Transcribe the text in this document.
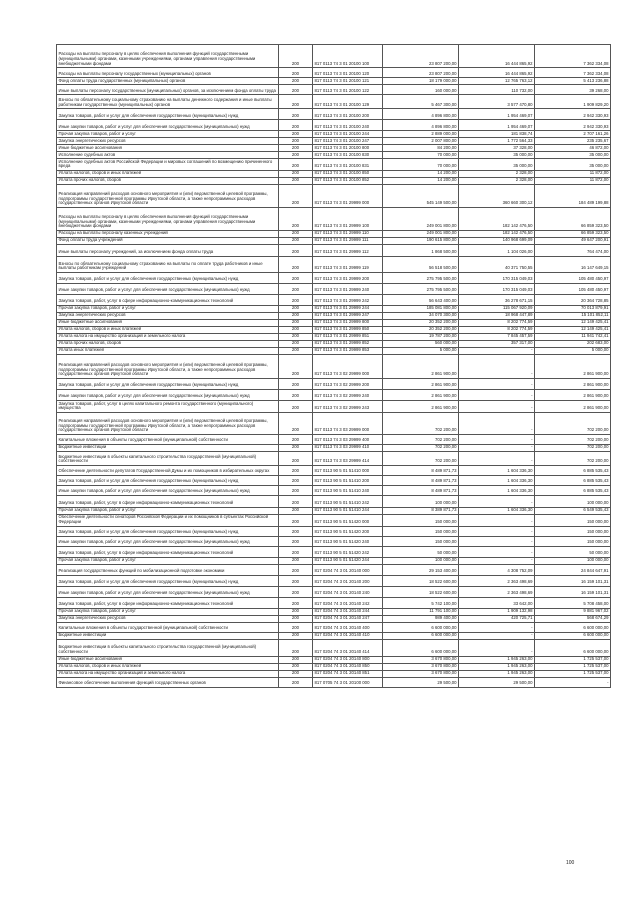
Расходы на выплаты персоналу в целях обеспечения выполнения функций государственными (муниципальными) органами, казенными учреждениями, органами управления государственными внебюджетными фондами	200	817 0113 74 3 01 20100 100	23 807 200,00	16 444 865,92	7 362 334,08
Расходы на выплаты персоналу государственных (муниципальных) органов	200	817 0113 74 3 01 20100 120	23 807 200,00	16 444 865,92	7 362 334,08
Фонд оплаты труда государственных (муниципальных) органов	200	817 0113 74 3 01 20100 121	18 179 000,00	12 765 763,12	5 413 236,88
Иные выплаты персоналу государственных (муниципальных) органов, за исключением фонда оплаты труда	200	817 0113 74 3 01 20100 122	160 000,00	110 732,00	39 268,00
Взносы по обязательному социальному страхованию на выплаты денежного содержания и иные выплаты работникам государственных (муниципальных) органов	200	817 0113 74 3 01 20100 129	5 467 300,00	3 577 470,80	1 909 829,20
Закупка товаров, работ и услуг для обеспечения государственных (муниципальных) нужд	200	817 0113 74 3 01 20100 200	4 896 800,00	1 954 469,07	2 942 330,93
Иные закупки товаров, работ и услуг для обеспечения государственных (муниципальных) нужд	200	817 0113 74 3 01 20100 240	4 896 800,00	1 954 469,07	2 942 330,93
Прочая закупка товаров, работ и услуг	200	817 0113 74 3 01 20100 244	2 889 000,00	181 838,74	2 707 161,26
Закупка энергетических ресурсов	200	817 0113 74 3 01 20100 247	2 007 800,00	1 772 564,33	235 235,67
Иные бюджетные ассигнования	200	817 0113 74 3 01 20100 800	84 200,00	37 328,00	46 872,00
Исполнение судебных актов	200	817 0113 74 3 01 20100 830	70 000,00	35 000,00	35 000,00
Исполнение судебных актов Российской Федерации и мировых соглашений по возмещению причиненного вреда	200	817 0113 74 3 01 20100 831	70 000,00	35 000,00	35 000,00
Уплата налогов, сборов и иных платежей	200	817 0113 74 3 01 20100 850	14 200,00	2 328,00	11 872,00
Уплата прочих налогов, сборов	200	817 0113 74 3 01 20100 852	14 200,00	2 328,00	11 872,00
Реализация направлений расходов основного мероприятия и (или) ведомственной целевой программы, подпрограммы государственной программы Иркутской области, а также непрограммных расходов государственных органов Иркутской области	200	817 0113 74 3 01 29999 000	545 149 500,00	360 660 300,12	184 489 199,88
Расходы на выплаты персоналу в целях обеспечения выполнения функций государственными (муниципальными) органами, казенными учреждениями, органами управления государственными внебюджетными фондами	200	817 0113 74 3 01 29999 100	249 001 800,00	182 142 476,50	66 859 323,50
Расходы на выплаты персоналу казенных учреждений	200	817 0113 74 3 01 29999 110	249 001 800,00	182 142 476,50	66 859 323,50
Фонд оплаты труда учреждений	200	817 0113 74 3 01 29999 111	190 615 800,00	140 968 699,09	49 647 200,91
Иные выплаты персоналу учреждений, за исключением фонда оплаты труда	200	817 0113 74 3 01 29999 112	1 868 500,00	1 104 026,00	764 474,00
Взносы по обязательному социальному страхованию на выплаты по оплате труда работников и иные выплаты работникам учреждений	200	817 0113 74 3 01 29999 119	56 518 500,00	40 371 750,55	16 147 649,15
Закупка товаров, работ и услуг для обеспечения государственных (муниципальных) нужд	200	817 0113 74 3 01 29999 200	275 795 500,00	170 315 049,03	105 480 450,97
Иные закупки товаров, работ и услуг для обеспечения государственных (муниципальных) нужд	200	817 0113 74 3 01 29999 240	275 795 500,00	170 315 049,03	105 480 450,97
Закупка товаров, работ, услуг в сфере информационно-коммуникационных технологий	200	817 0113 74 3 01 29999 242	56 643 400,00	36 278 671,15	20 364 728,85
Прочая закупка товаров, работ и услуг	200	817 0113 74 3 01 29999 244	185 081 800,00	115 067 920,09	70 013 879,91
Закупка энергетических ресурсов	200	817 0113 74 3 01 29999 247	34 070 300,00	18 968 447,89	15 101 852,11
Иные бюджетные ассигнования	200	817 0113 74 3 01 29999 800	20 352 200,00	8 202 774,59	12 149 425,41
Уплата налогов, сборов и иных платежей	200	817 0113 74 3 01 29999 850	20 352 200,00	8 202 774,59	12 149 425,41
Уплата налога на имущество организаций и земельного налога	200	817 0113 74 3 01 29999 851	19 787 200,00	7 845 457,59	11 941 742,41
Уплата прочих налогов, сборов	200	817 0113 74 3 01 29999 852	560 000,00	357 317,00	202 683,00
Уплата иных платежей	200	817 0113 74 3 01 29999 853	5 000,00	-	5 000,00
Реализация направлений расходов основного мероприятия и (или) ведомственной целевой программы, подпрограммы государственной программы Иркутской области, а также непрограммных расходов государственных органов Иркутской области	200	817 0113 74 3 02 29999 000	2 861 900,00	-	2 861 900,00
Закупка товаров, работ и услуг для обеспечения государственных (муниципальных) нужд	200	817 0113 74 3 02 29999 200	2 861 900,00	-	2 861 900,00
Иные закупки товаров, работ и услуг для обеспечения государственных (муниципальных) нужд	200	817 0113 74 3 02 29999 240	2 861 900,00	-	2 861 900,00
Закупка товаров, работ, услуг в целях капитального ремонта государственного (муниципального) имущества	200	817 0113 74 3 02 29999 243	2 861 900,00	-	2 861 900,00
Реализация направлений расходов основного мероприятия и (или) ведомственной целевой программы, подпрограммы государственной программы Иркутской области, а также непрограммных расходов государственных органов Иркутской области	200	817 0113 74 3 03 29999 000	702 200,00	-	702 200,00
Капитальные вложения в объекты государственной (муниципальной) собственности	200	817 0113 74 3 03 29999 400	702 200,00	-	702 200,00
Бюджетные инвестиции	200	817 0113 74 3 03 29999 410	702 200,00	-	702 200,00
Бюджетные инвестиции в объекты капитального строительства государственной (муниципальной) собственности	200	817 0113 74 3 03 29999 414	702 200,00	-	702 200,00
Обеспечение деятельности депутатов Государственной Думы и их помощников в избирательных округах	200	817 0113 90 5 01 51410 000	8 489 871,73	1 604 336,30	6 885 535,43
Закупка товаров, работ и услуг для обеспечения государственных (муниципальных) нужд	200	817 0113 90 5 01 51410 200	8 489 871,73	1 604 336,30	6 885 535,43
Иные закупки товаров, работ и услуг для обеспечения государственных (муниципальных) нужд	200	817 0113 90 5 01 51410 240	8 489 871,73	1 604 336,30	6 885 535,43
Закупка товаров, работ, услуг в сфере информационно-коммуникационных технологий	200	817 0113 90 5 01 51410 242	100 000,00	-	100 000,00
Прочая закупка товаров, работ и услуг	200	817 0113 90 5 01 51410 244	8 389 871,73	1 604 336,30	6 549 535,43
Обеспечение деятельности сенаторов Российской Федерации и их помощников в субъектах Российской Федерации	200	817 0113 90 5 01 51420 000	150 000,00	-	150 000,00
Закупка товаров, работ и услуг для обеспечения государственных (муниципальных) нужд	200	817 0113 90 5 01 51420 200	150 000,00	-	150 000,00
Иные закупки товаров, работ и услуг для обеспечения государственных (муниципальных) нужд	200	817 0113 90 5 01 51420 240	150 000,00	-	150 000,00
Закупка товаров, работ, услуг в сфере информационно-коммуникационных технологий	200	817 0113 90 5 01 51420 242	50 000,00	-	50 000,00
Прочая закупка товаров, работ и услуг	200	817 0113 90 5 01 51420 244	100 000,00	-	100 000,00
Реализация государственных функций по мобилизационной подготовке экономики	200	817 0204 74 3 01 20140 000	29 153 400,00	4 308 752,09	24 844 647,91
Закупка товаров, работ и услуг для обеспечения государственных (муниципальных) нужд	200	817 0204 74 3 01 20140 200	18 522 600,00	2 363 498,69	16 159 101,31
Иные закупки товаров, работ и услуг для обеспечения государственных (муниципальных) нужд	200	817 0204 74 3 01 20140 240	18 522 600,00	2 363 498,69	16 159 101,31
Закупка товаров, работ, услуг в сфере информационно-коммуникационных технологий	200	817 0204 74 3 01 20140 242	5 742 100,00	33 642,00	5 708 458,00
Прочая закупка товаров, работ и услуг	200	817 0204 74 3 01 20140 244	11 791 100,00	1 909 132,98	9 881 967,02
Закупка энергетических ресурсов	200	817 0204 74 3 01 20140 247	989 400,00	420 725,71	568 674,29
Капитальные вложения в объекты государственной (муниципальной) собственности	200	817 0204 74 3 01 20140 400	6 600 000,00	-	6 600 000,00
Бюджетные инвестиции	200	817 0204 74 3 01 20140 410	6 600 000,00	-	6 600 000,00
Бюджетные инвестиции в объекты капитального строительства государственной (муниципальной) собственности	200	817 0204 74 3 01 20140 414	6 600 000,00	-	6 600 000,00
Иные бюджетные ассигнования	200	817 0204 74 3 01 20140 800	3 670 800,00	1 945 263,00	1 725 537,00
Уплата налогов, сборов и иных платежей	200	817 0204 74 3 01 20140 850	3 670 800,00	1 945 263,00	1 725 537,00
Уплата налога на имущество организаций и земельного налога	200	817 0204 74 3 01 20140 851	3 670 800,00	1 945 263,00	1 725 537,00
Финансовое обеспечение выполнения функций государственных органов	200	817 0705 74 3 01 20100 000	29 500,00	29 500,00	-
100
